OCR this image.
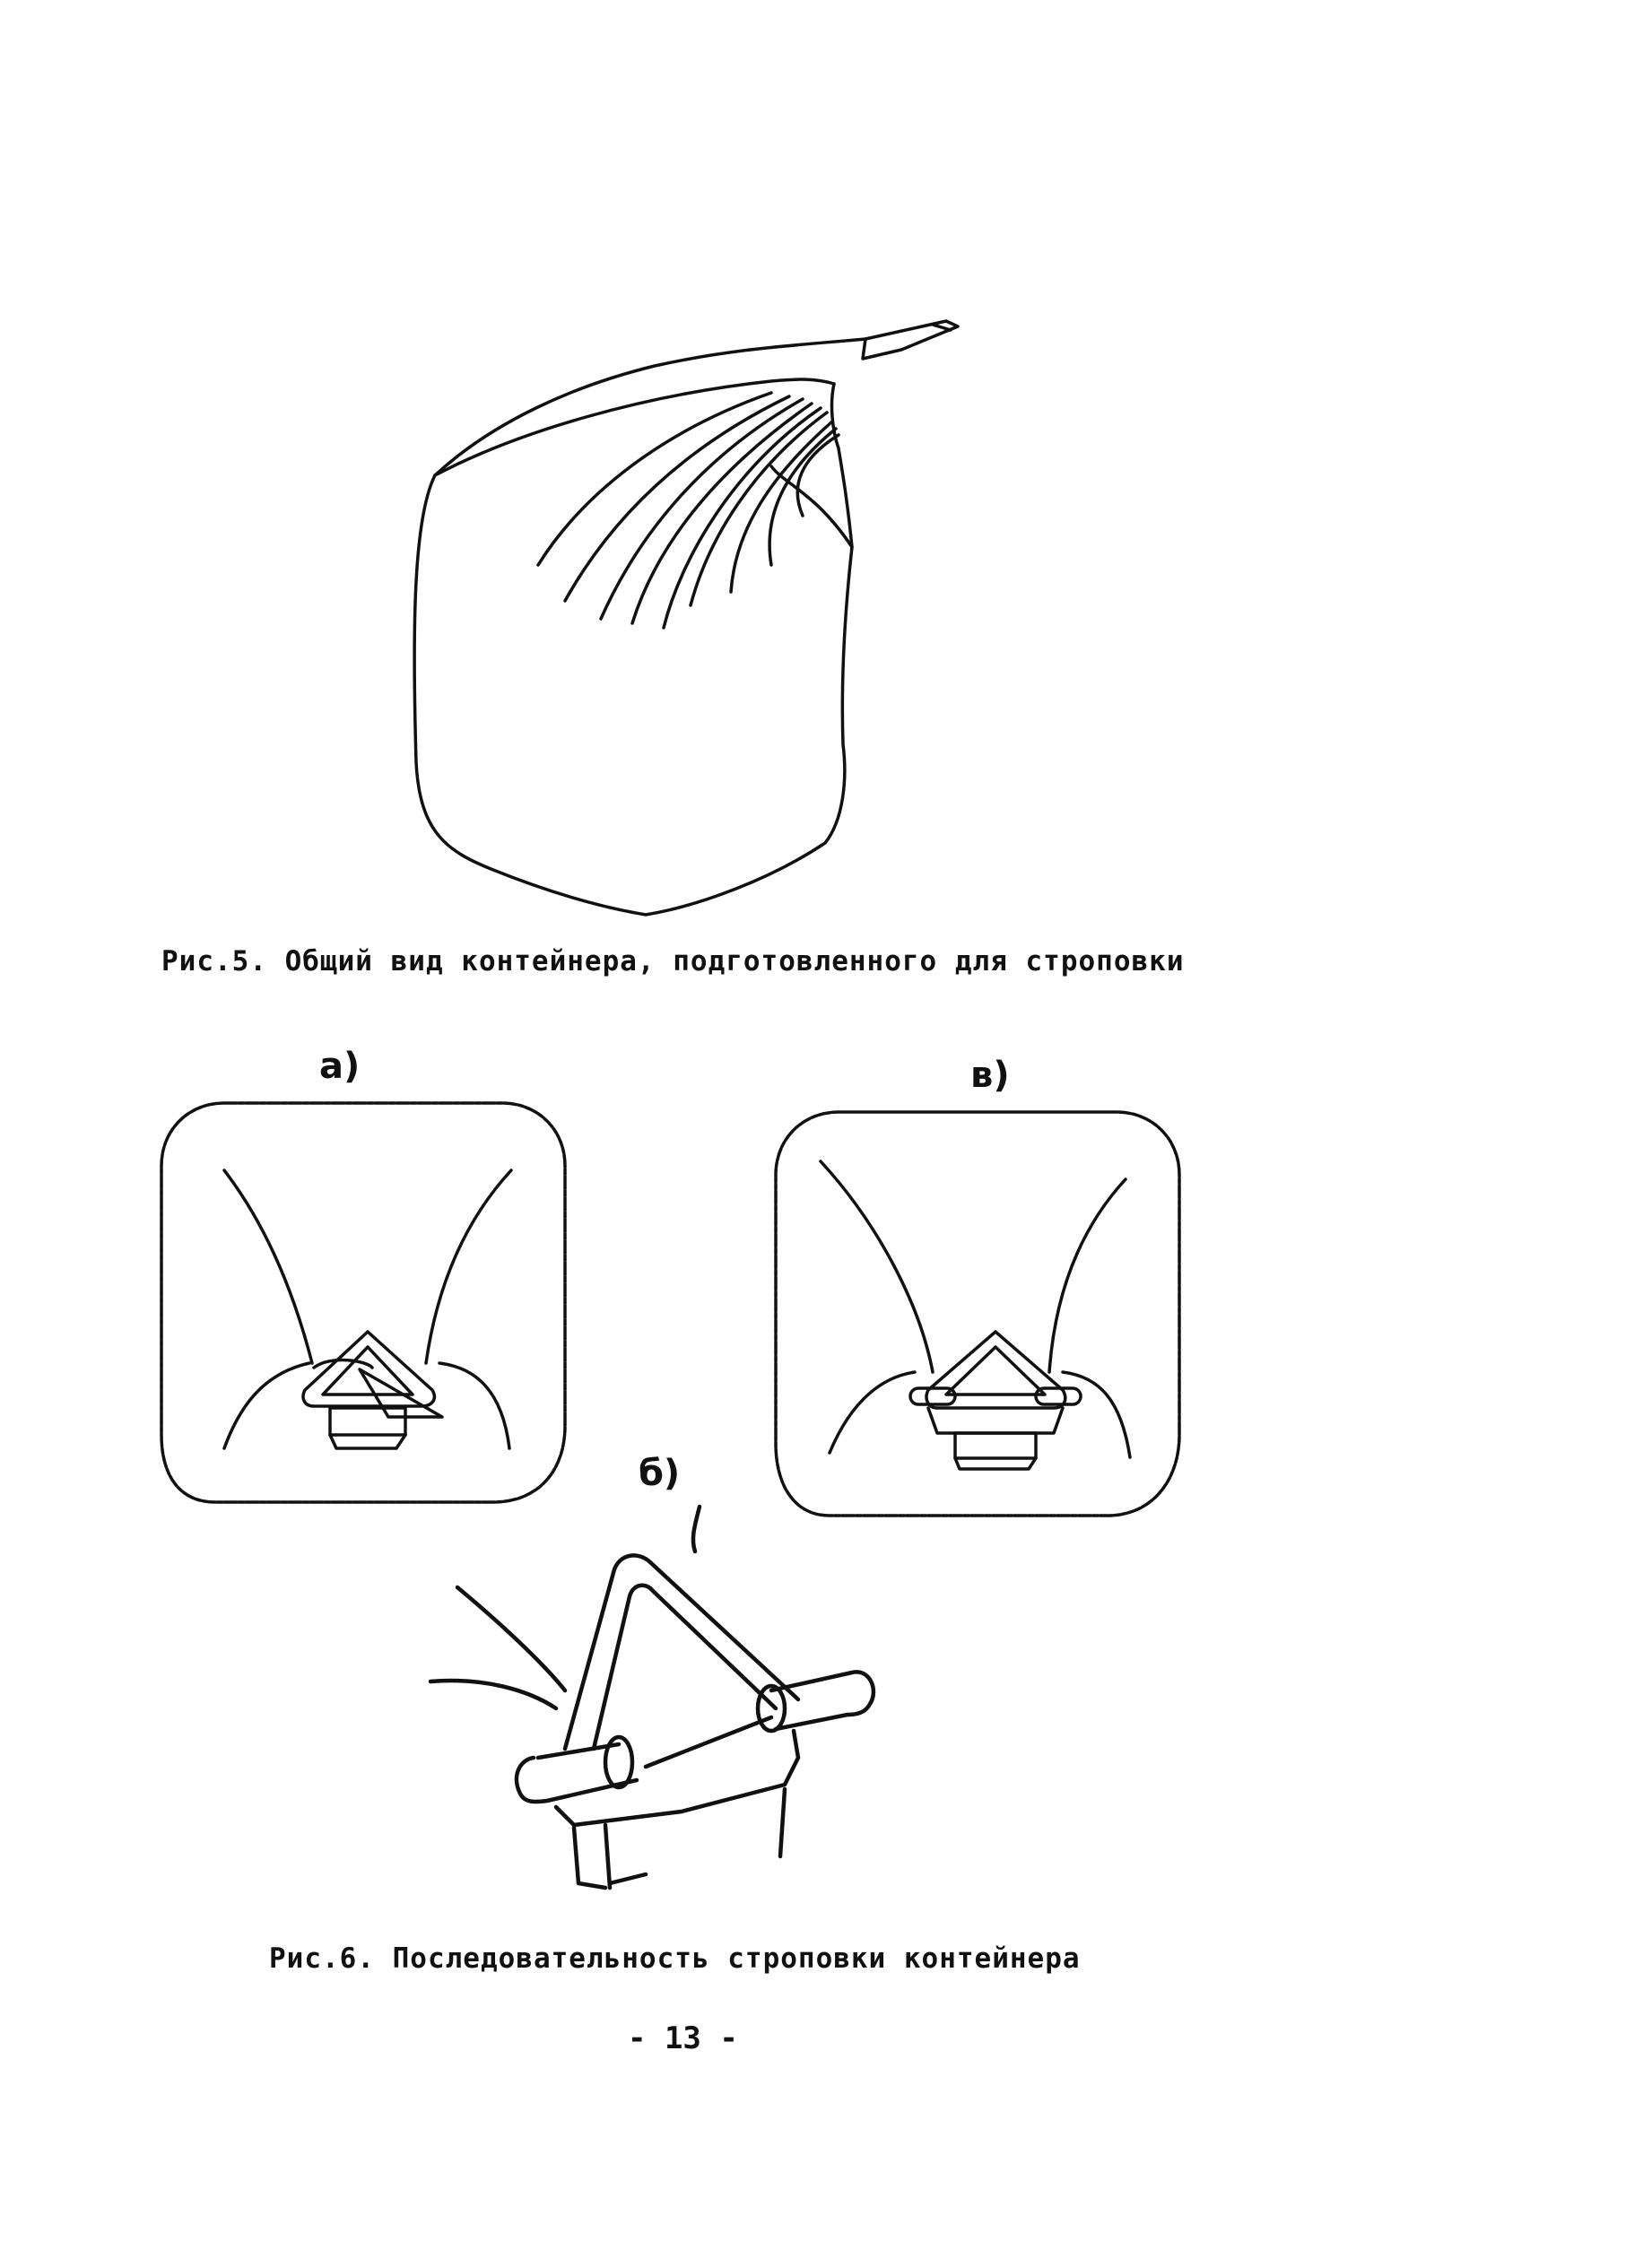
Рис.5. Общий вид контейнера, подготовленного для строповки
а)	в)
б)
Рис.6. Последовательность строповки контейнера
- 13 -
